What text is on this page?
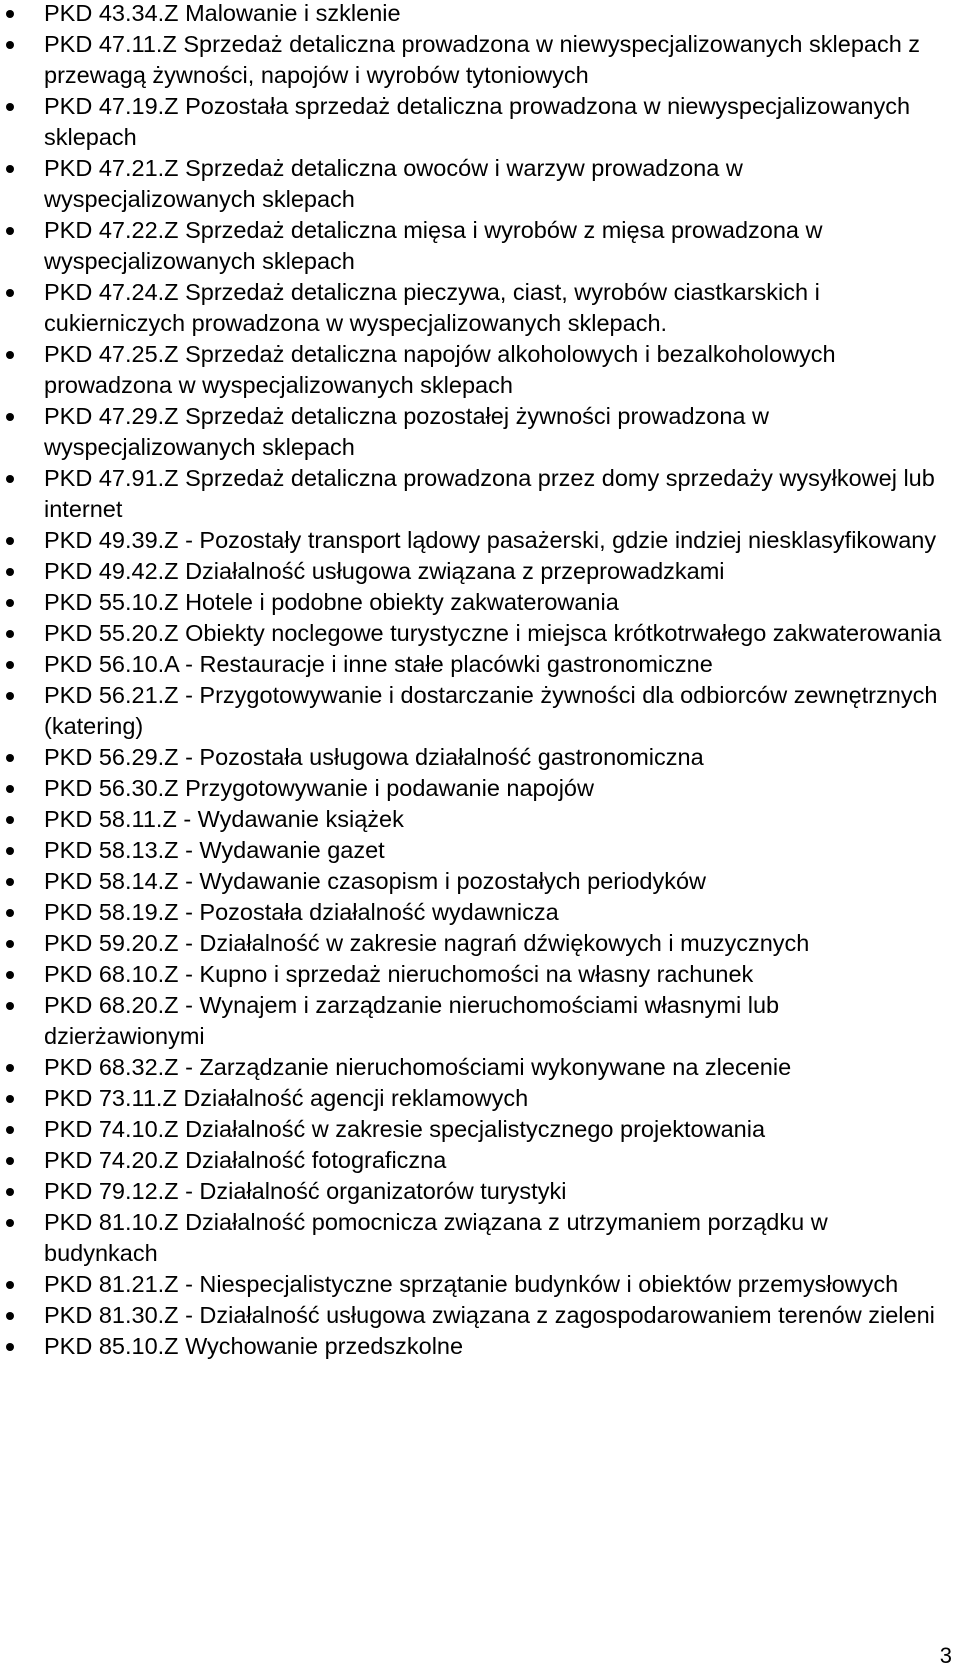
PKD 43.34.Z Malowanie i szklenie
PKD 47.11.Z Sprzedaż detaliczna prowadzona w niewyspecjalizowanych sklepach z przewagą żywności, napojów i wyrobów tytoniowych
PKD 47.19.Z Pozostała sprzedaż detaliczna prowadzona w niewyspecjalizowanych sklepach
PKD 47.21.Z Sprzedaż detaliczna owoców i warzyw prowadzona w wyspecjalizowanych sklepach
PKD 47.22.Z Sprzedaż detaliczna mięsa i wyrobów z mięsa prowadzona w wyspecjalizowanych sklepach
PKD 47.24.Z Sprzedaż detaliczna pieczywa, ciast, wyrobów ciastkarskich i cukierniczych prowadzona w wyspecjalizowanych sklepach.
PKD 47.25.Z Sprzedaż detaliczna napojów alkoholowych i bezalkoholowych prowadzona w wyspecjalizowanych sklepach
PKD 47.29.Z Sprzedaż detaliczna pozostałej żywności prowadzona w wyspecjalizowanych sklepach
PKD 47.91.Z Sprzedaż detaliczna prowadzona przez domy sprzedaży wysyłkowej lub internet
PKD 49.39.Z - Pozostały transport lądowy pasażerski, gdzie indziej niesklasyfikowany
PKD 49.42.Z Działalność usługowa związana z przeprowadzkami
PKD 55.10.Z Hotele i podobne obiekty zakwaterowania
PKD 55.20.Z Obiekty noclegowe turystyczne i miejsca krótkotrwałego zakwaterowania
PKD 56.10.A - Restauracje i inne stałe placówki gastronomiczne
PKD 56.21.Z - Przygotowywanie i dostarczanie żywności dla odbiorców zewnętrznych (katering)
PKD 56.29.Z - Pozostała usługowa działalność gastronomiczna
PKD 56.30.Z Przygotowywanie i podawanie napojów
PKD 58.11.Z - Wydawanie książek
PKD 58.13.Z - Wydawanie gazet
PKD 58.14.Z - Wydawanie czasopism i pozostałych periodyków
PKD 58.19.Z - Pozostała działalność wydawnicza
PKD 59.20.Z - Działalność w zakresie nagrań dźwiękowych i muzycznych
PKD 68.10.Z - Kupno i sprzedaż nieruchomości na własny rachunek
PKD 68.20.Z - Wynajem i zarządzanie nieruchomościami własnymi lub dzierżawionymi
PKD 68.32.Z - Zarządzanie nieruchomościami wykonywane na zlecenie
PKD 73.11.Z Działalność agencji reklamowych
PKD 74.10.Z Działalność w zakresie specjalistycznego projektowania
PKD 74.20.Z Działalność fotograficzna
PKD 79.12.Z - Działalność organizatorów turystyki
PKD 81.10.Z Działalność pomocnicza związana z utrzymaniem porządku w budynkach
PKD 81.21.Z - Niespecjalistyczne sprzątanie budynków i obiektów przemysłowych
PKD 81.30.Z - Działalność usługowa związana z zagospodarowaniem terenów zieleni
PKD 85.10.Z Wychowanie przedszkolne
3
